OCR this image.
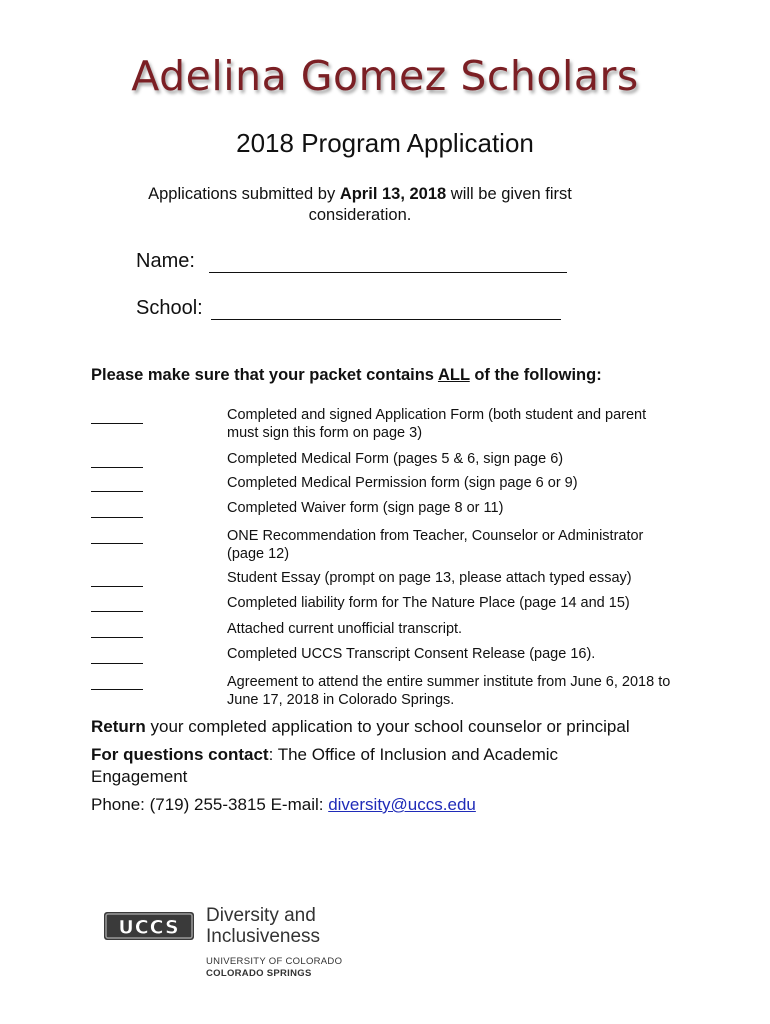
Adelina Gomez Scholars
2018 Program Application
Applications submitted by April 13, 2018 will be given first consideration.
Name:
School:
Please make sure that your packet contains ALL of the following:
Completed and signed Application Form (both student and parent must sign this form on page 3)
Completed Medical Form (pages 5 & 6, sign page 6)
Completed Medical Permission form (sign page 6 or 9)
Completed Waiver form (sign page 8 or 11)
ONE Recommendation from Teacher, Counselor or Administrator (page 12)
Student Essay (prompt on page 13, please attach typed essay)
Completed liability form for The Nature Place (page 14 and 15)
Attached current unofficial transcript.
Completed UCCS Transcript Consent Release (page 16).
Agreement to attend the entire summer institute from June 6, 2018 to June 17, 2018 in Colorado Springs.
Return your completed application to your school counselor or principal
For questions contact: The Office of Inclusion and Academic Engagement
Phone: (719) 255-3815 E-mail: diversity@uccs.edu
UCCS
Diversity and
Inclusiveness
UNIVERSITY OF COLORADO
COLORADO SPRINGS
